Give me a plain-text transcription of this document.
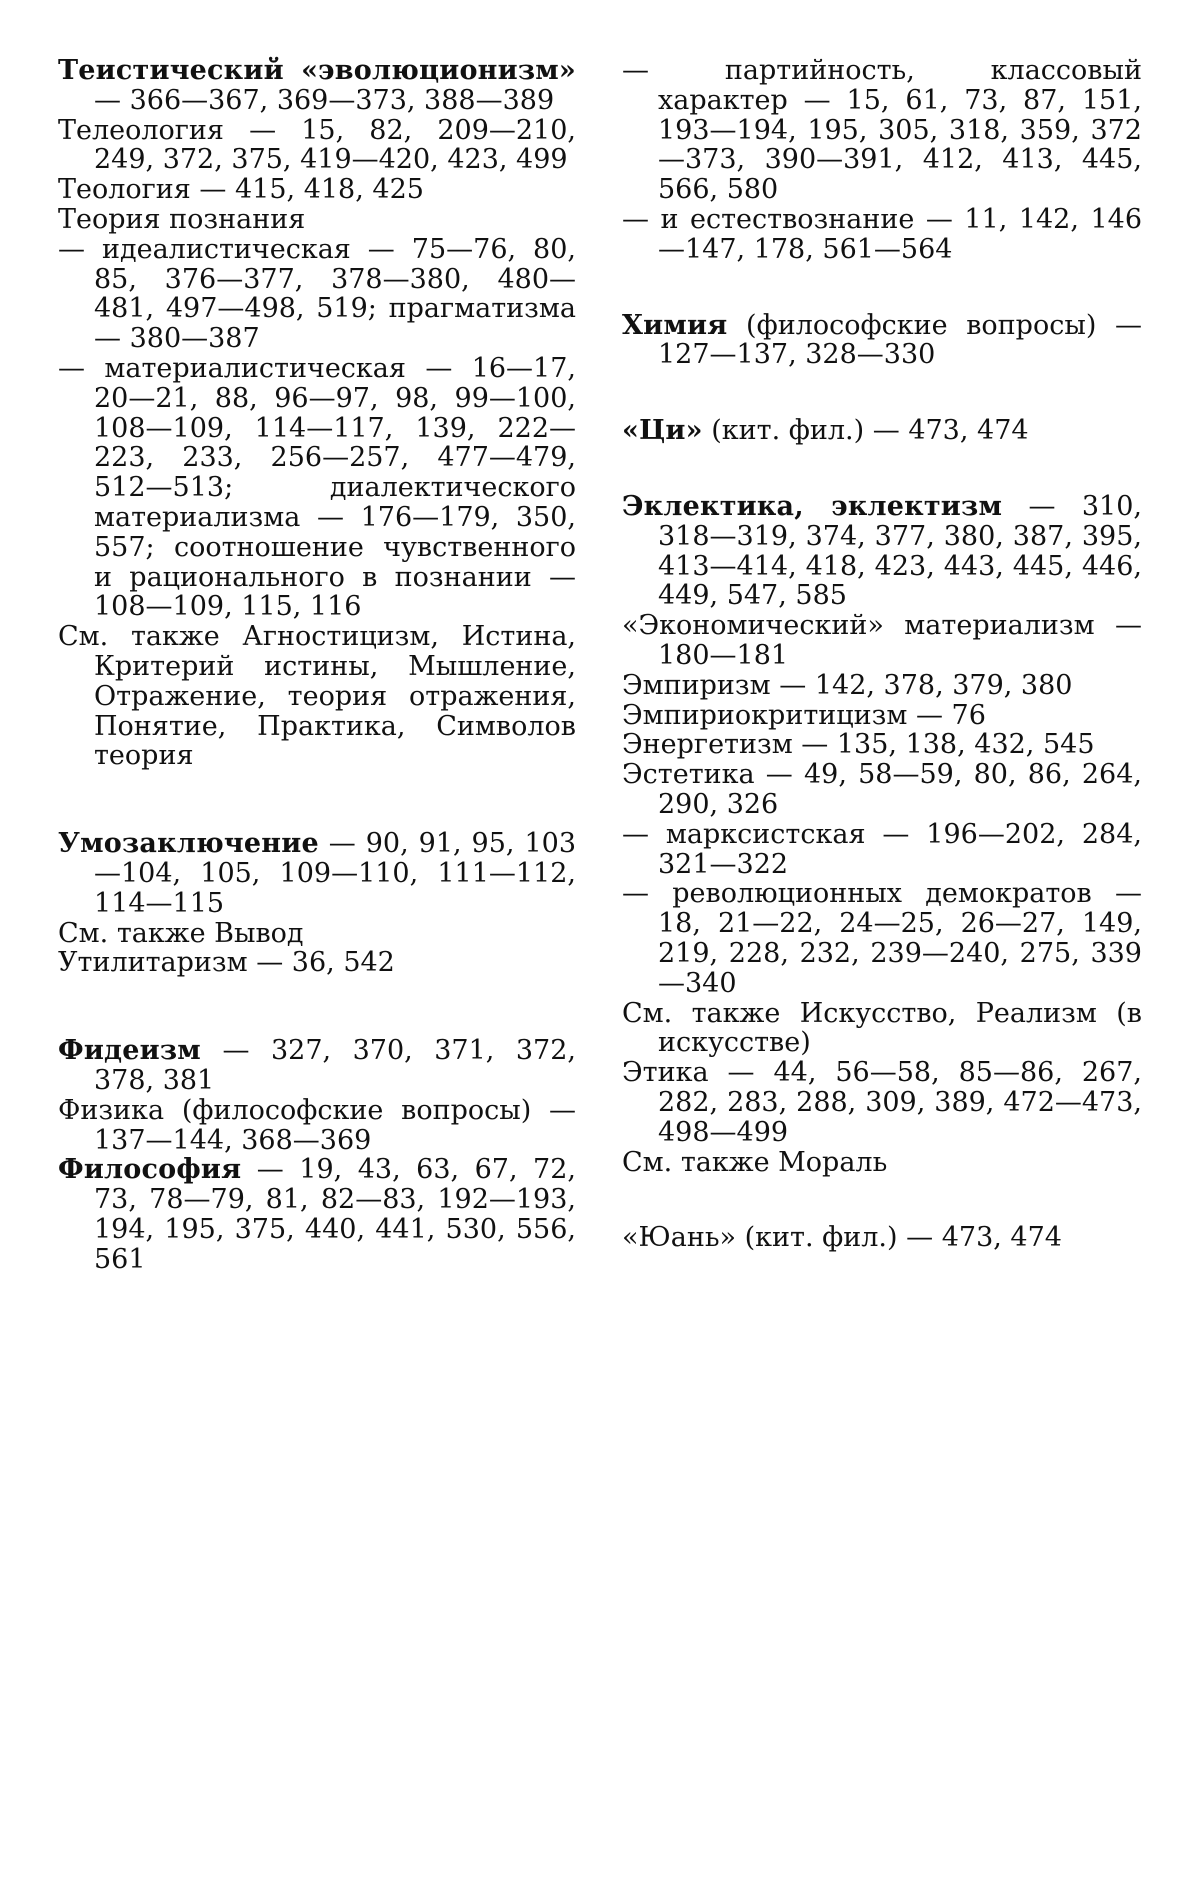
Теистический «эволюционизм» — 366—367, 369—373, 388—389

Телеология — 15, 82, 209—210, 249, 372, 375, 419—420, 423, 499

Теология — 415, 418, 425

Теория познания

— идеалистическая — 75—76, 80, 85, 376—377, 378—380, 480—481, 497—498, 519; прагматизма — 380—387

— материалистическая — 16—17, 20—21, 88, 96—97, 98, 99—100, 108—109, 114—117, 139, 222—223, 233, 256—257, 477—479, 512—513; диалектического материализма — 176—179, 350, 557; соотношение чувственного и рационального в познании — 108—109, 115, 116

См. также Агностицизм, Истина, Критерий истины, Мышление, Отражение, теория отражения, Понятие, Практика, Символов теория

Умозаключение — 90, 91, 95, 103—104, 105, 109—110, 111—112, 114—115

См. также Вывод

Утилитаризм — 36, 542

Фидеизм — 327, 370, 371, 372, 378, 381

Физика (философские вопросы) — 137—144, 368—369

Философия — 19, 43, 63, 67, 72, 73, 78—79, 81, 82—83, 192—193, 194, 195, 375, 440, 441, 530, 556, 561

— партийность, классовый характер — 15, 61, 73, 87, 151, 193—194, 195, 305, 318, 359, 372—373, 390—391, 412, 413, 445, 566, 580

— и естествознание — 11, 142, 146—147, 178, 561—564

Химия (философские вопросы) — 127—137, 328—330

«Ци» (кит. фил.) — 473, 474

Эклектика, эклектизм — 310, 318—319, 374, 377, 380, 387, 395, 413—414, 418, 423, 443, 445, 446, 449, 547, 585

«Экономический» материализм — 180—181

Эмпиризм — 142, 378, 379, 380

Эмпириокритицизм — 76

Энергетизм — 135, 138, 432, 545

Эстетика — 49, 58—59, 80, 86, 264, 290, 326

— марксистская — 196—202, 284, 321—322

— революционных демократов — 18, 21—22, 24—25, 26—27, 149, 219, 228, 232, 239—240, 275, 339—340

См. также Искусство, Реализм (в искусстве)

Этика — 44, 56—58, 85—86, 267, 282, 283, 288, 309, 389, 472—473, 498—499

См. также Мораль

«Юань» (кит. фил.) — 473, 474
